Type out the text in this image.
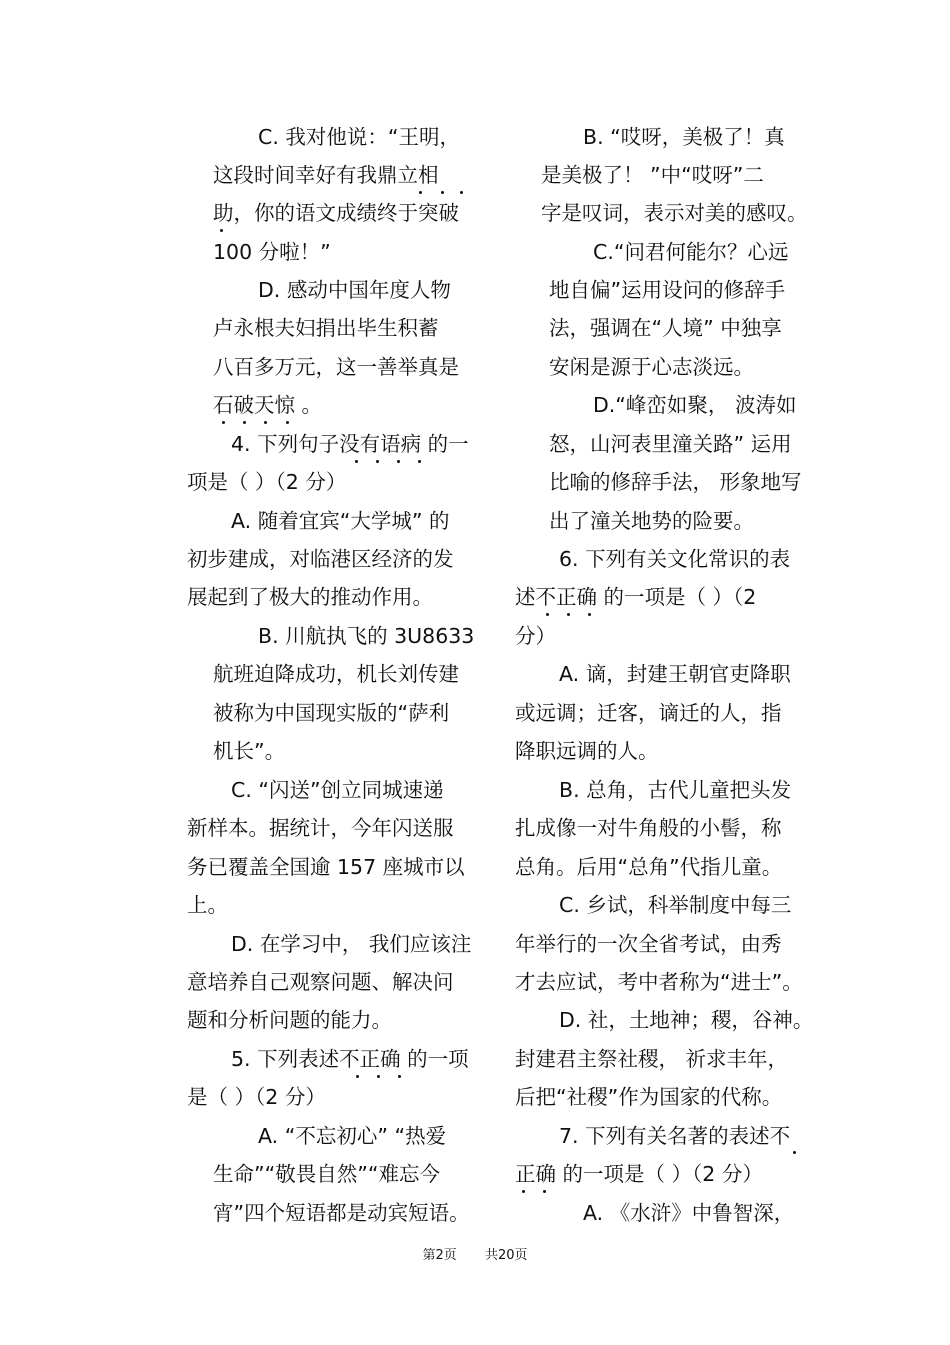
C. 我对他说：“王明，
这段时间幸好有我鼎立相
助，你的语文成绩终于突破
100 分啦！”
D. 感动中国年度人物
卢永根夫妇捐出毕生积蓄
八百多万元，这一善举真是
石破天惊 。
4. 下列句子没有语病 的一
项是（ ）（2 分）
A. 随着宜宾“大学城” 的
初步建成，对临港区经济的发
展起到了极大的推动作用。
B. 川航执飞的 3U8633
航班迫降成功，机长刘传建
被称为中国现实版的“萨利
机长”。
C. “闪送”创立同城速递
新样本。据统计，今年闪送服
务已覆盖全国逾 157 座城市以
上。
D. 在学习中， 我们应该注
意培养自己观察问题、解决问
题和分析问题的能力。
5. 下列表述不正确 的一项
是（ ）（2 分）
A. “不忘初心” “热爱
生命”“敬畏自然”“难忘今
宵”四个短语都是动宾短语。
B. “哎呀，美极了！真
是美极了！ ”中“哎呀”二
字是叹词，表示对美的感叹。
C.“问君何能尔？心远
地自偏”运用设问的修辞手
法，强调在“人境” 中独享
安闲是源于心志淡远。
D.“峰峦如聚， 波涛如
怒，山河表里潼关路” 运用
比喻的修辞手法， 形象地写
出了潼关地势的险要。
6. 下列有关文化常识的表
述不正确 的一项是（ ）（2
分）
A. 谪，封建王朝官吏降职
或远调；迁客，谪迁的人，指
降职远调的人。
B. 总角，古代儿童把头发
扎成像一对牛角般的小髻，称
总角。后用“总角”代指儿童。
C. 乡试，科举制度中每三
年举行的一次全省考试，由秀
才去应试，考中者称为“进士”。
D. 社，土地神；稷，谷神。
封建君主祭社稷， 祈求丰年，
后把“社稷”作为国家的代称。
7. 下列有关名著的表述不
正确 的一项是（ ）（2 分）
A. 《水浒》中鲁智深，
第2页 共20页
